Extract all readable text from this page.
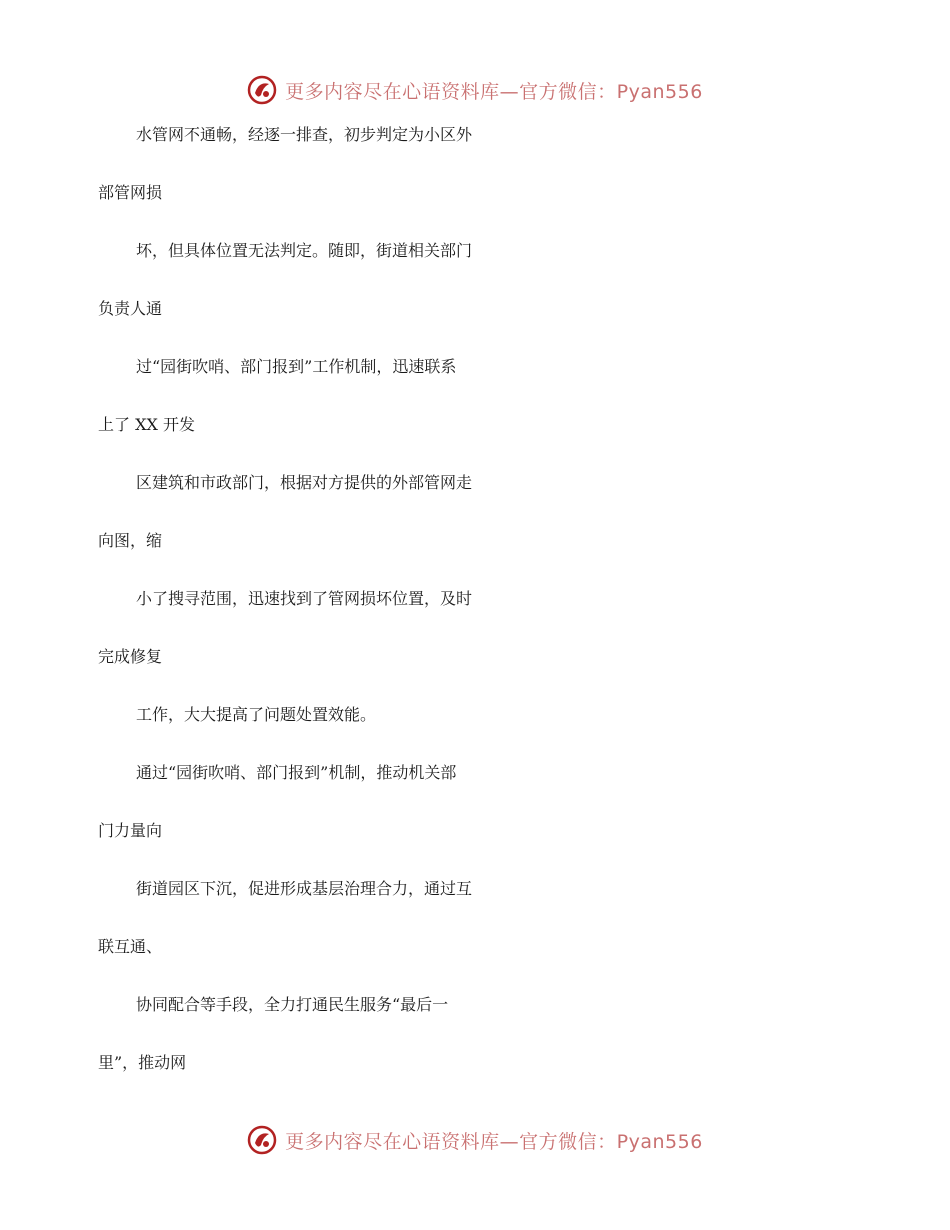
更多内容尽在心语资料库—官方微信：Pyan556
水管网不通畅，经逐一排查，初步判定为小区外
部管网损
坏，但具体位置无法判定。随即，街道相关部门
负责人通
过“园街吹哨、部门报到”工作机制，迅速联系
上了 XX 开发
区建筑和市政部门，根据对方提供的外部管网走
向图，缩
小了搜寻范围，迅速找到了管网损坏位置，及时
完成修复
工作，大大提高了问题处置效能。
通过“园街吹哨、部门报到”机制，推动机关部
门力量向
街道园区下沉，促进形成基层治理合力，通过互
联互通、
协同配合等手段，全力打通民生服务“最后一
里”，推动网
更多内容尽在心语资料库—官方微信：Pyan556
